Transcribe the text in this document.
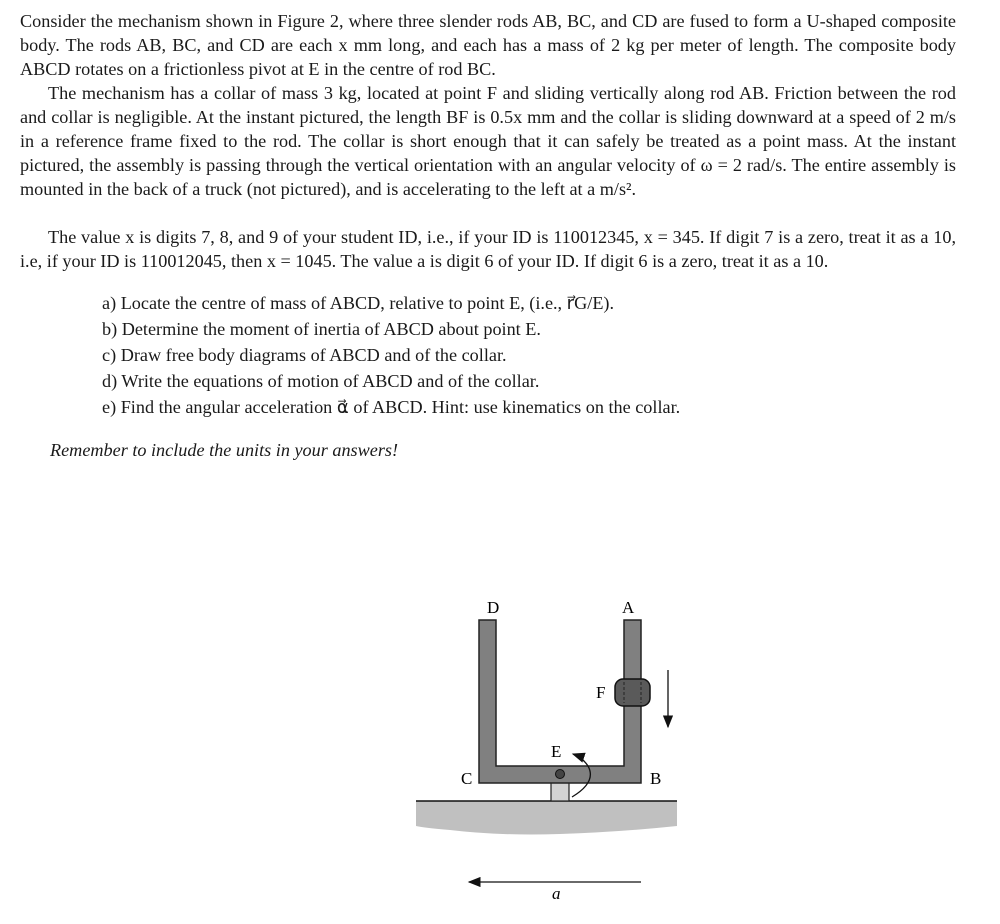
Consider the mechanism shown in Figure 2, where three slender rods AB, BC, and CD are fused to form a U-shaped composite body. The rods AB, BC, and CD are each x mm long, and each has a mass of 2 kg per meter of length. The composite body ABCD rotates on a frictionless pivot at E in the centre of rod BC.

The mechanism has a collar of mass 3 kg, located at point F and sliding vertically along rod AB. Friction between the rod and collar is negligible. At the instant pictured, the length BF is 0.5x mm and the collar is sliding downward at a speed of 2 m/s in a reference frame fixed to the rod. The collar is short enough that it can safely be treated as a point mass. At the instant pictured, the assembly is passing through the vertical orientation with an angular velocity of ω = 2 rad/s. The entire assembly is mounted in the back of a truck (not pictured), and is accelerating to the left at a m/s².

The value x is digits 7, 8, and 9 of your student ID, i.e., if your ID is 110012345, x = 345. If digit 7 is a zero, treat it as a 10, i.e, if your ID is 110012045, then x = 1045. The value a is digit 6 of your ID. If digit 6 is a zero, treat it as a 10.

a) Locate the centre of mass of ABCD, relative to point E, (i.e., r⃗G/E).
b) Determine the moment of inertia of ABCD about point E.
c) Draw free body diagrams of ABCD and of the collar.
d) Write the equations of motion of ABCD and of the collar.
e) Find the angular acceleration α⃗ of ABCD. Hint: use kinematics on the collar.
Remember to include the units in your answers!
D	A
F
E
C	B
a
